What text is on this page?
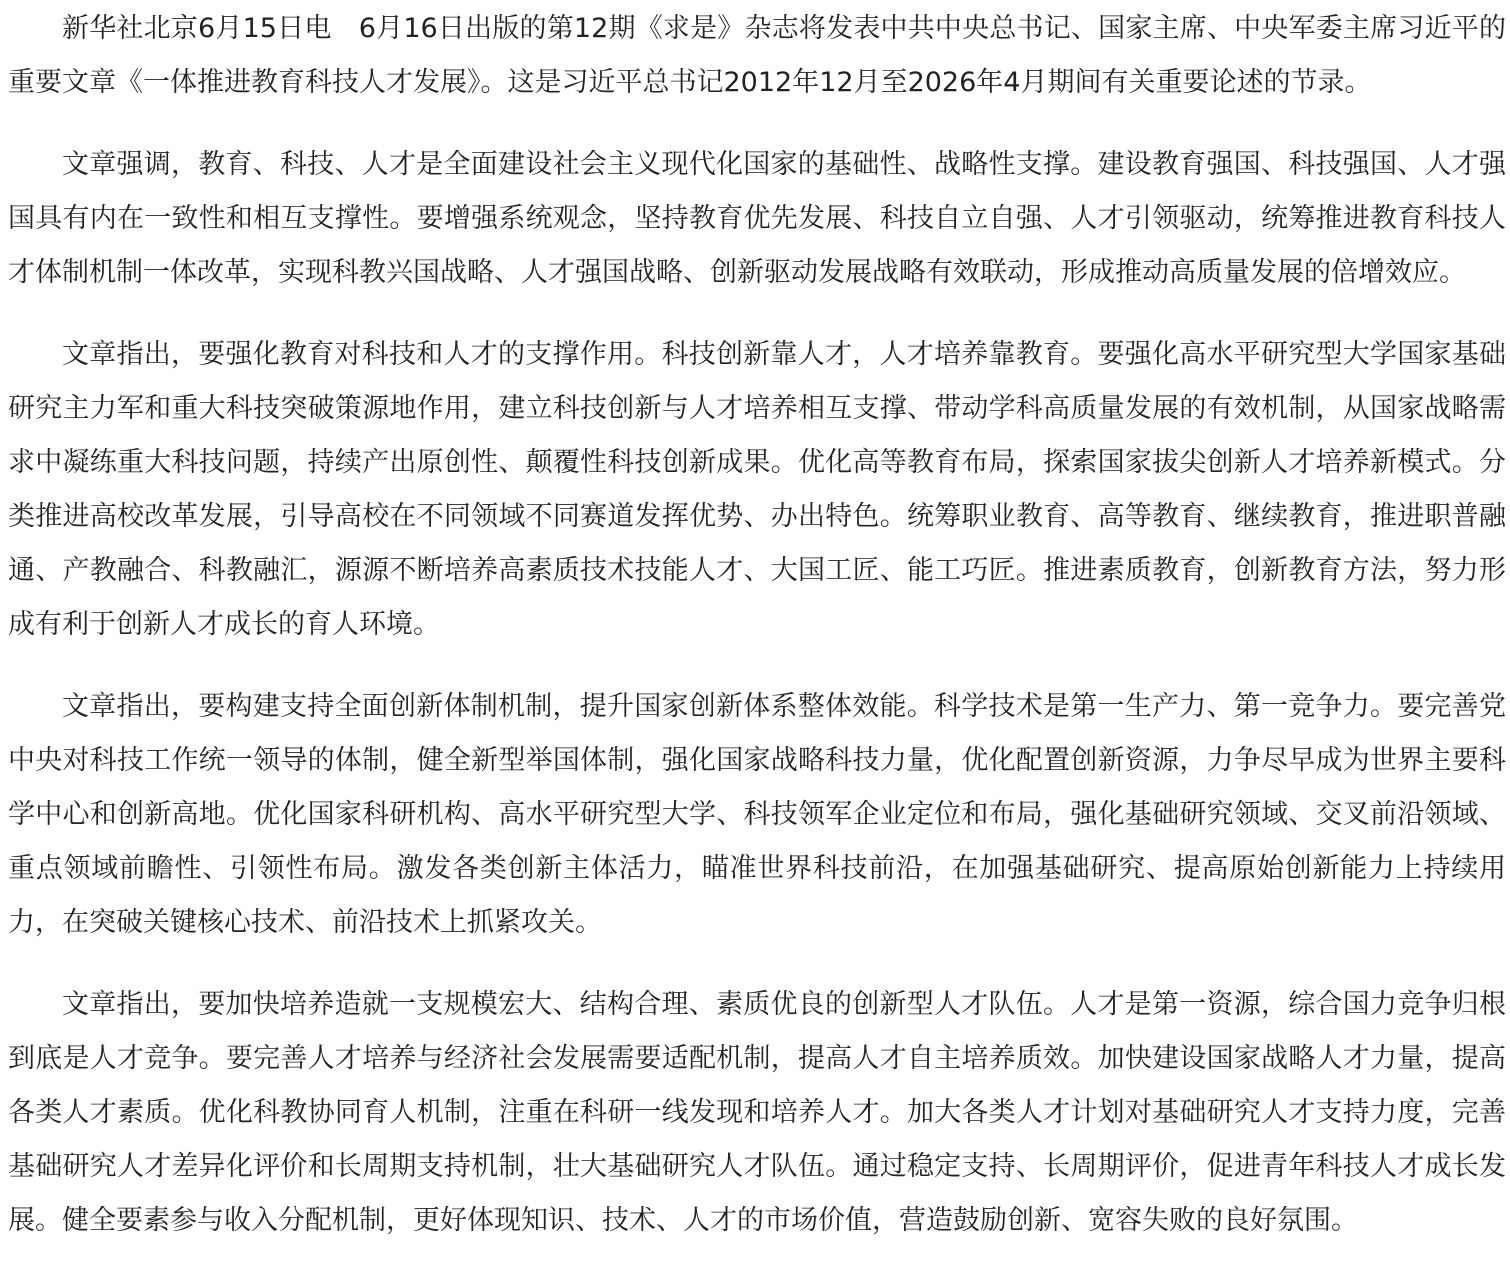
新华社北京6月15日电　6月16日出版的第12期《求是》杂志将发表中共中央总书记、国家主席、中央军委主席习近平的重要文章《一体推进教育科技人才发展》。这是习近平总书记2012年12月至2026年4月期间有关重要论述的节录。

文章强调，教育、科技、人才是全面建设社会主义现代化国家的基础性、战略性支撑。建设教育强国、科技强国、人才强国具有内在一致性和相互支撑性。要增强系统观念，坚持教育优先发展、科技自立自强、人才引领驱动，统筹推进教育科技人才体制机制一体改革，实现科教兴国战略、人才强国战略、创新驱动发展战略有效联动，形成推动高质量发展的倍增效应。

文章指出，要强化教育对科技和人才的支撑作用。科技创新靠人才，人才培养靠教育。要强化高水平研究型大学国家基础研究主力军和重大科技突破策源地作用，建立科技创新与人才培养相互支撑、带动学科高质量发展的有效机制，从国家战略需求中凝练重大科技问题，持续产出原创性、颠覆性科技创新成果。优化高等教育布局，探索国家拔尖创新人才培养新模式。分类推进高校改革发展，引导高校在不同领域不同赛道发挥优势、办出特色。统筹职业教育、高等教育、继续教育，推进职普融通、产教融合、科教融汇，源源不断培养高素质技术技能人才、大国工匠、能工巧匠。推进素质教育，创新教育方法，努力形成有利于创新人才成长的育人环境。

文章指出，要构建支持全面创新体制机制，提升国家创新体系整体效能。科学技术是第一生产力、第一竞争力。要完善党中央对科技工作统一领导的体制，健全新型举国体制，强化国家战略科技力量，优化配置创新资源，力争尽早成为世界主要科学中心和创新高地。优化国家科研机构、高水平研究型大学、科技领军企业定位和布局，强化基础研究领域、交叉前沿领域、重点领域前瞻性、引领性布局。激发各类创新主体活力，瞄准世界科技前沿，在加强基础研究、提高原始创新能力上持续用力，在突破关键核心技术、前沿技术上抓紧攻关。

文章指出，要加快培养造就一支规模宏大、结构合理、素质优良的创新型人才队伍。人才是第一资源，综合国力竞争归根到底是人才竞争。要完善人才培养与经济社会发展需要适配机制，提高人才自主培养质效。加快建设国家战略人才力量，提高各类人才素质。优化科教协同育人机制，注重在科研一线发现和培养人才。加大各类人才计划对基础研究人才支持力度，完善基础研究人才差异化评价和长周期支持机制，壮大基础研究人才队伍。通过稳定支持、长周期评价，促进青年科技人才成长发展。健全要素参与收入分配机制，更好体现知识、技术、人才的市场价值，营造鼓励创新、宽容失败的良好氛围。
